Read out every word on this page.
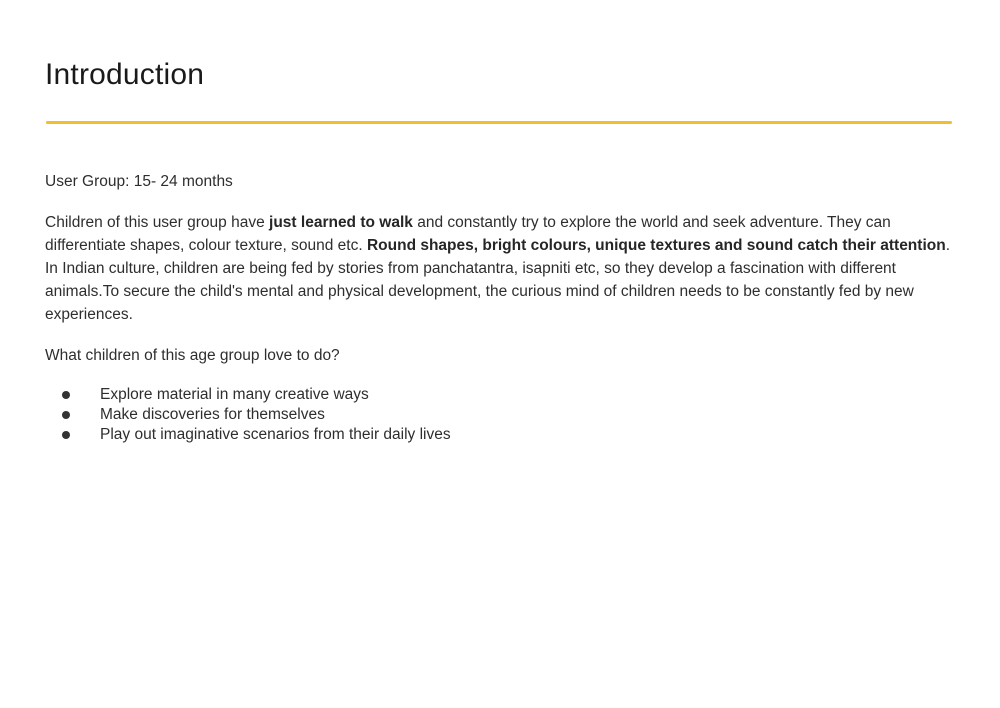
Introduction

User Group: 15- 24 months

Children of this user group have just learned to walk and constantly try to explore the world and seek adventure. They can differentiate shapes, colour texture, sound etc. Round shapes, bright colours, unique textures and sound catch their attention. In Indian culture, children are being fed by stories from panchatantra, isapniti etc, so they develop a fascination with different animals.To secure the child's mental and physical development, the curious mind of children needs to be constantly fed by new experiences.

What children of this age group love to do?

Explore material in many creative ways
Make discoveries for themselves
Play out imaginative scenarios from their daily lives
